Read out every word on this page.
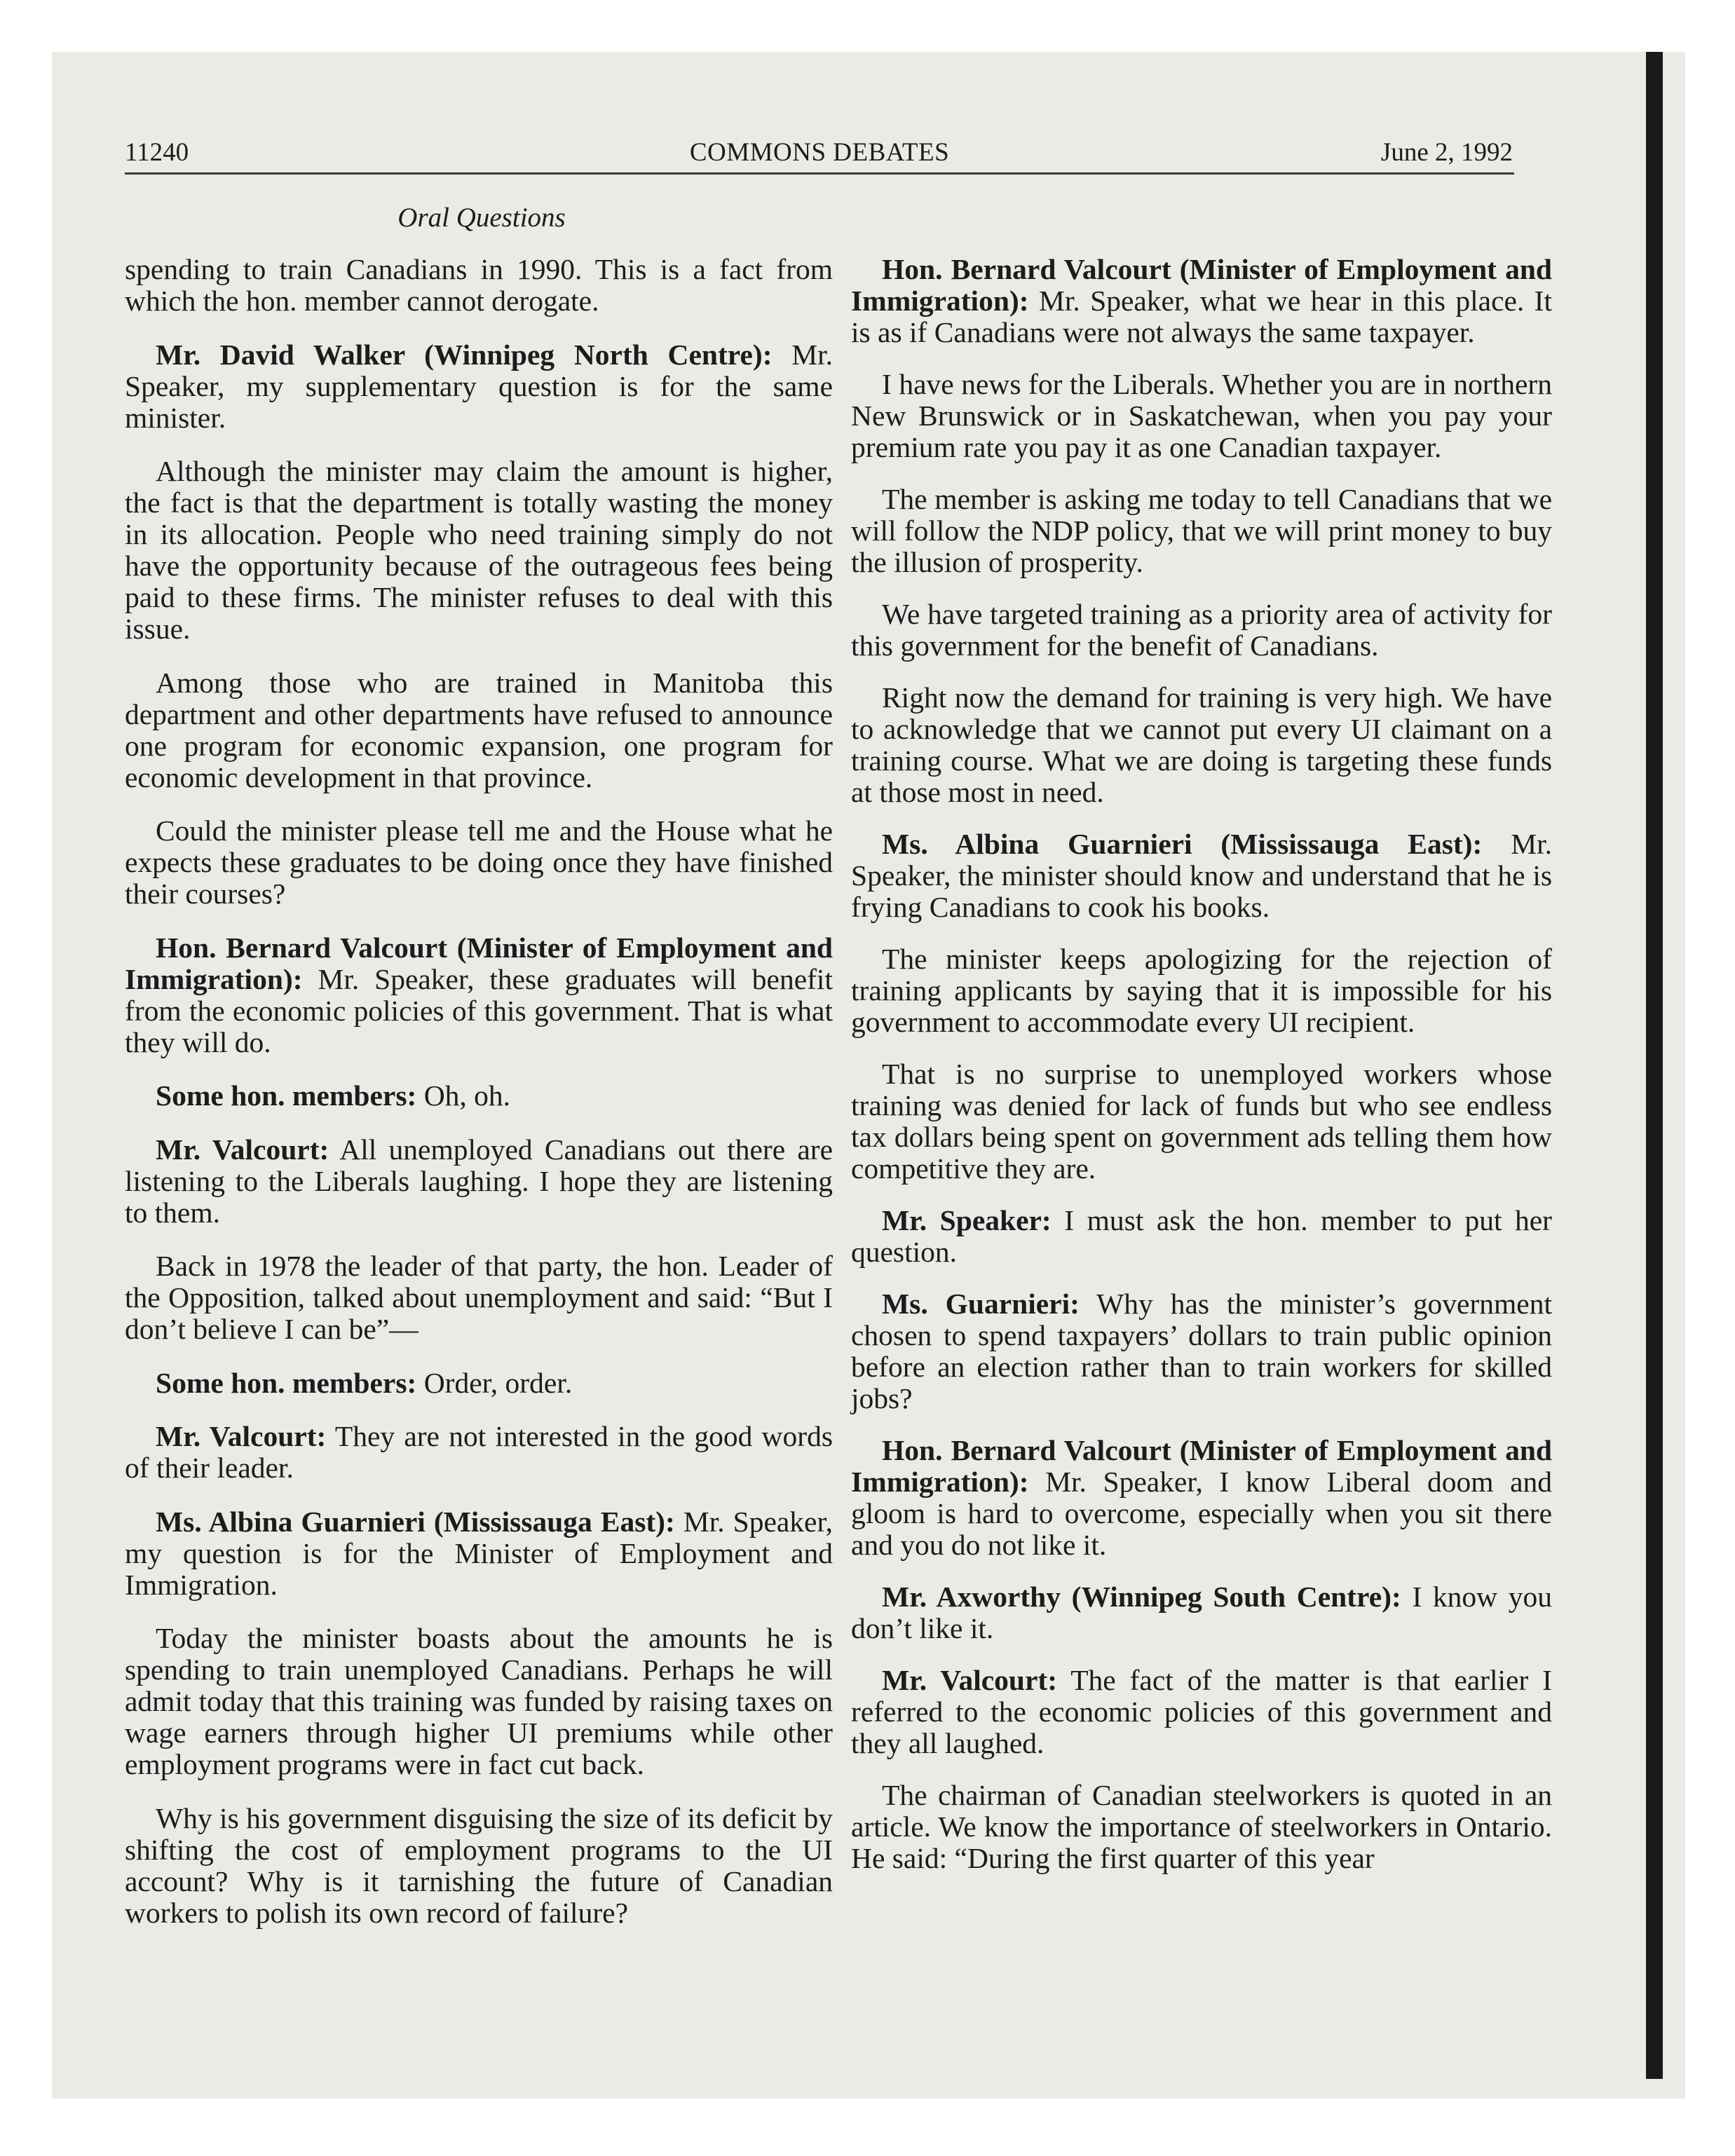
11240	COMMONS DEBATES	June 2, 1992
Oral Questions

spending to train Canadians in 1990. This is a fact from which the hon. member cannot derogate.

Mr. David Walker (Winnipeg North Centre): Mr. Speaker, my supplementary question is for the same minister.

Although the minister may claim the amount is higher, the fact is that the department is totally wasting the money in its allocation. People who need training simply do not have the opportunity because of the outrageous fees being paid to these firms. The minister refuses to deal with this issue.

Among those who are trained in Manitoba this department and other departments have refused to announce one program for economic expansion, one program for economic development in that province.

Could the minister please tell me and the House what he expects these graduates to be doing once they have finished their courses?

Hon. Bernard Valcourt (Minister of Employment and Immigration): Mr. Speaker, these graduates will benefit from the economic policies of this government. That is what they will do.

Some hon. members: Oh, oh.

Mr. Valcourt: All unemployed Canadians out there are listening to the Liberals laughing. I hope they are listening to them.

Back in 1978 the leader of that party, the hon. Leader of the Opposition, talked about unemployment and said: “But I don’t believe I can be”—

Some hon. members: Order, order.

Mr. Valcourt: They are not interested in the good words of their leader.

Ms. Albina Guarnieri (Mississauga East): Mr. Speaker, my question is for the Minister of Employment and Immigration.

Today the minister boasts about the amounts he is spending to train unemployed Canadians. Perhaps he will admit today that this training was funded by raising taxes on wage earners through higher UI premiums while other employment programs were in fact cut back.

Why is his government disguising the size of its deficit by shifting the cost of employment programs to the UI account? Why is it tarnishing the future of Canadian workers to polish its own record of failure?

Hon. Bernard Valcourt (Minister of Employment and Immigration): Mr. Speaker, what we hear in this place. It is as if Canadians were not always the same taxpayer.

I have news for the Liberals. Whether you are in northern New Brunswick or in Saskatchewan, when you pay your premium rate you pay it as one Canadian taxpayer.

The member is asking me today to tell Canadians that we will follow the NDP policy, that we will print money to buy the illusion of prosperity.

We have targeted training as a priority area of activity for this government for the benefit of Canadians.

Right now the demand for training is very high. We have to acknowledge that we cannot put every UI claimant on a training course. What we are doing is targeting these funds at those most in need.

Ms. Albina Guarnieri (Mississauga East): Mr. Speaker, the minister should know and understand that he is frying Canadians to cook his books.

The minister keeps apologizing for the rejection of training applicants by saying that it is impossible for his government to accommodate every UI recipient.

That is no surprise to unemployed workers whose training was denied for lack of funds but who see endless tax dollars being spent on government ads telling them how competitive they are.

Mr. Speaker: I must ask the hon. member to put her question.

Ms. Guarnieri: Why has the minister’s government chosen to spend taxpayers’ dollars to train public opinion before an election rather than to train workers for skilled jobs?

Hon. Bernard Valcourt (Minister of Employment and Immigration): Mr. Speaker, I know Liberal doom and gloom is hard to overcome, especially when you sit there and you do not like it.

Mr. Axworthy (Winnipeg South Centre): I know you don’t like it.

Mr. Valcourt: The fact of the matter is that earlier I referred to the economic policies of this government and they all laughed.

The chairman of Canadian steelworkers is quoted in an article. We know the importance of steelworkers in Ontario. He said: “During the first quarter of this year
